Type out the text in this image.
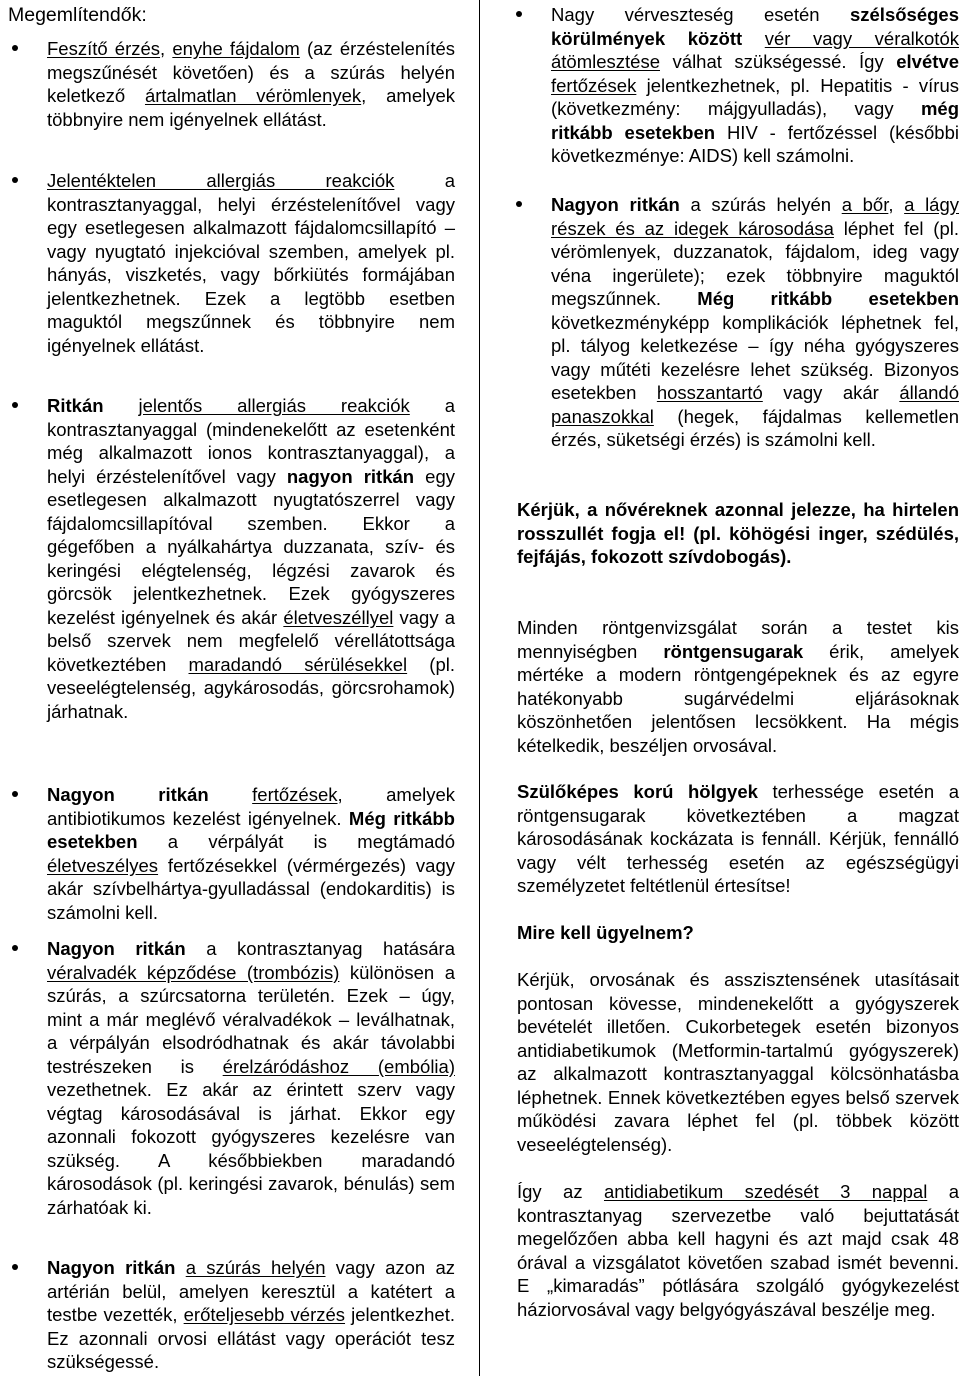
Megemlítendők:
Feszítő érzés, enyhe fájdalom (az érzéstelenítés megszűnését követően) és a szúrás helyén keletkező ártalmatlan vérömlenyek, amelyek többnyire nem igényelnek ellátást.
Jelentéktelen allergiás reakciók a kontrasztanyaggal, helyi érzéstelenítővel vagy egy esetlegesen alkalmazott fájdalomcsillapító – vagy nyugtató injekcióval szemben, amelyek pl. hányás, viszketés, vagy bőrkiütés formájában jelentkezhetnek. Ezek a legtöbb esetben maguktól megszűnnek és többnyire nem igényelnek ellátást.
Ritkán jelentős allergiás reakciók a kontrasztanyaggal (mindenekelőtt az esetenként még alkalmazott ionos kontrasztanyaggal), a helyi érzéstelenítővel vagy nagyon ritkán egy esetlegesen alkalmazott nyugtatószerrel vagy fájdalomcsillapítóval szemben. Ekkor a gégefőben a nyálkahártya duzzanata, szív- és keringési elégtelenség, légzési zavarok és görcsök jelentkezhetnek. Ezek gyógyszeres kezelést igényelnek és akár életveszéllyel vagy a belső szervek nem megfelelő vérellátottsága következtében maradandó sérülésekkel (pl. veseelégtelenség, agykárosodás, görcsrohamok) járhatnak.
Nagyon ritkán fertőzések, amelyek antibiotikumos kezelést igényelnek. Még ritkább esetekben a vérpályát is megtámadó életveszélyes fertőzésekkel (vérmérgezés) vagy akár szívbelhártya-gyulladással (endokarditis) is számolni kell.
Nagyon ritkán a kontrasztanyag hatására véralvadék képződése (trombózis) különösen a szúrás, a szúrcsatorna területén. Ezek – úgy, mint a már meglévő véralvadékok – leválhatnak, a vérpályán elsodródhatnak és akár távolabbi testrészeken is érelzáródáshoz (embólia) vezethetnek. Ez akár az érintett szerv vagy végtag károsodásával is járhat. Ekkor egy azonnali fokozott gyógyszeres kezelésre van szükség. A későbbiekben maradandó károsodások (pl. keringési zavarok, bénulás) sem zárhatóak ki.
Nagyon ritkán a szúrás helyén vagy azon az artérián belül, amelyen keresztül a katétert a testbe vezették, erőteljesebb vérzés jelentkezhet. Ez azonnali orvosi ellátást vagy operációt tesz szükségessé.
Nagy vérveszteség esetén szélsőséges körülmények között vér vagy véralkotók átömlesztése válhat szükségessé. Így elvétve fertőzések jelentkezhetnek, pl. Hepatitis - vírus (következmény: májgyulladás), vagy még ritkább esetekben HIV - fertőzéssel (későbbi következménye: AIDS) kell számolni.
Nagyon ritkán a szúrás helyén a bőr, a lágy részek és az idegek károsodása léphet fel (pl. vérömlenyek, duzzanatok, fájdalom, ideg vagy véna ingerülete); ezek többnyire maguktól megszűnnek. Még ritkább esetekben következményképp komplikációk léphetnek fel, pl. tályog keletkezése – így néha gyógyszeres vagy műtéti kezelésre lehet szükség. Bizonyos esetekben hosszantartó vagy akár állandó panaszokkal (hegek, fájdalmas kellemetlen érzés, süketségi érzés) is számolni kell.
Kérjük, a nővéreknek azonnal jelezze, ha hirtelen rosszullét fogja el! (pl. köhögési inger, szédülés, fejfájás, fokozott szívdobogás).
Minden röntgenvizsgálat során a testet kis mennyiségben röntgensugarak érik, amelyek mértéke a modern röntgengépeknek és az egyre hatékonyabb sugárvédelmi eljárásoknak köszönhetően jelentősen lecsökkent. Ha mégis kételkedik, beszéljen orvosával.
Szülőképes korú hölgyek terhessége esetén a röntgensugarak következtében a magzat károsodásának kockázata is fennáll. Kérjük, fennálló vagy vélt terhesség esetén az egészségügyi személyzetet feltétlenül értesítse!
Mire kell ügyelnem?
Kérjük, orvosának és asszisztensének utasításait pontosan kövesse, mindenekelőtt a gyógyszerek bevételét illetően. Cukorbetegek esetén bizonyos antidiabetikumok (Metformin-tartalmú gyógyszerek) az alkalmazott kontrasztanyaggal kölcsönhatásba léphetnek. Ennek következtében egyes belső szervek működési zavara léphet fel (pl. többek között veseelégtelenség).
Így az antidiabetikum szedését 3 nappal a kontrasztanyag szervezetbe való bejuttatását megelőzően abba kell hagyni és azt majd csak 48 órával a vizsgálatot követően szabad ismét bevenni. E „kimaradás” pótlására szolgáló gyógykezelést háziorvosával vagy belgyógyászával beszélje meg.
